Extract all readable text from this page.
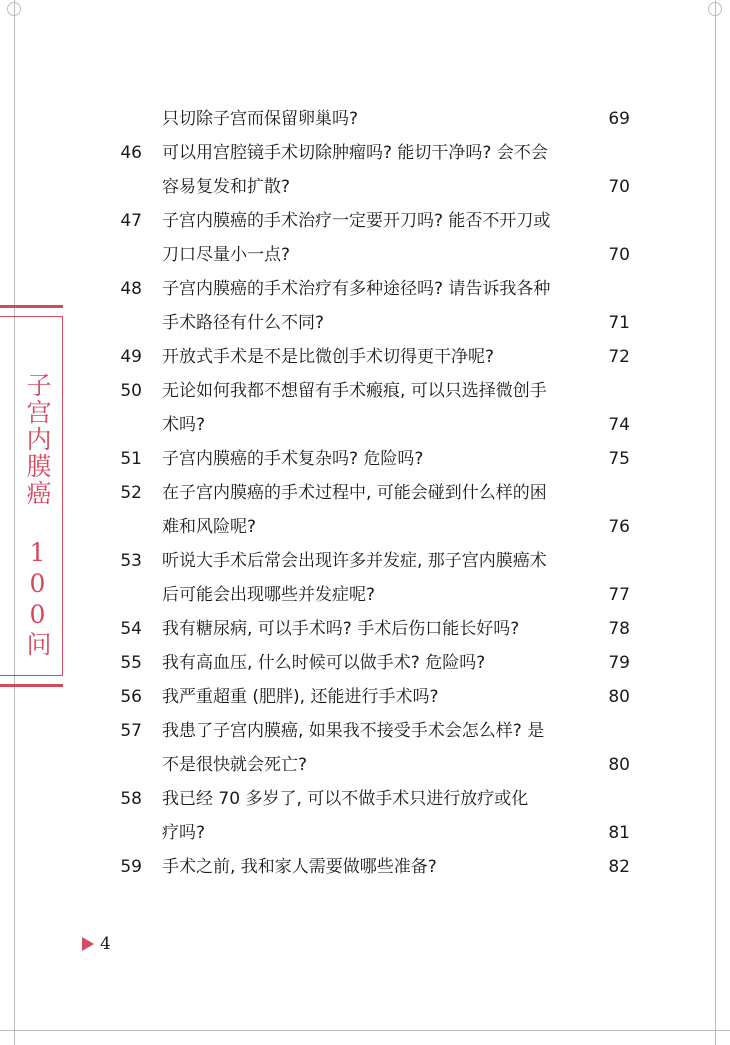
子宫内膜癌 100问
只切除子宫而保留卵巢吗?	69
46 可以用宫腔镜手术切除肿瘤吗? 能切干净吗? 会不会
容易复发和扩散?	70
47 子宫内膜癌的手术治疗一定要开刀吗? 能否不开刀或
刀口尽量小一点?	70
48 子宫内膜癌的手术治疗有多种途径吗? 请告诉我各种
手术路径有什么不同?	71
49 开放式手术是不是比微创手术切得更干净呢?	72
50 无论如何我都不想留有手术瘢痕, 可以只选择微创手
术吗?	74
51 子宫内膜癌的手术复杂吗? 危险吗?	75
52 在子宫内膜癌的手术过程中, 可能会碰到什么样的困
难和风险呢?	76
53 听说大手术后常会出现许多并发症, 那子宫内膜癌术
后可能会出现哪些并发症呢?	77
54 我有糖尿病, 可以手术吗? 手术后伤口能长好吗?	78
55 我有高血压, 什么时候可以做手术? 危险吗?	79
56 我严重超重 (肥胖), 还能进行手术吗?	80
57 我患了子宫内膜癌, 如果我不接受手术会怎么样? 是
不是很快就会死亡?	80
58 我已经 70 多岁了, 可以不做手术只进行放疗或化
疗吗?	81
59 手术之前, 我和家人需要做哪些准备?	82
4
